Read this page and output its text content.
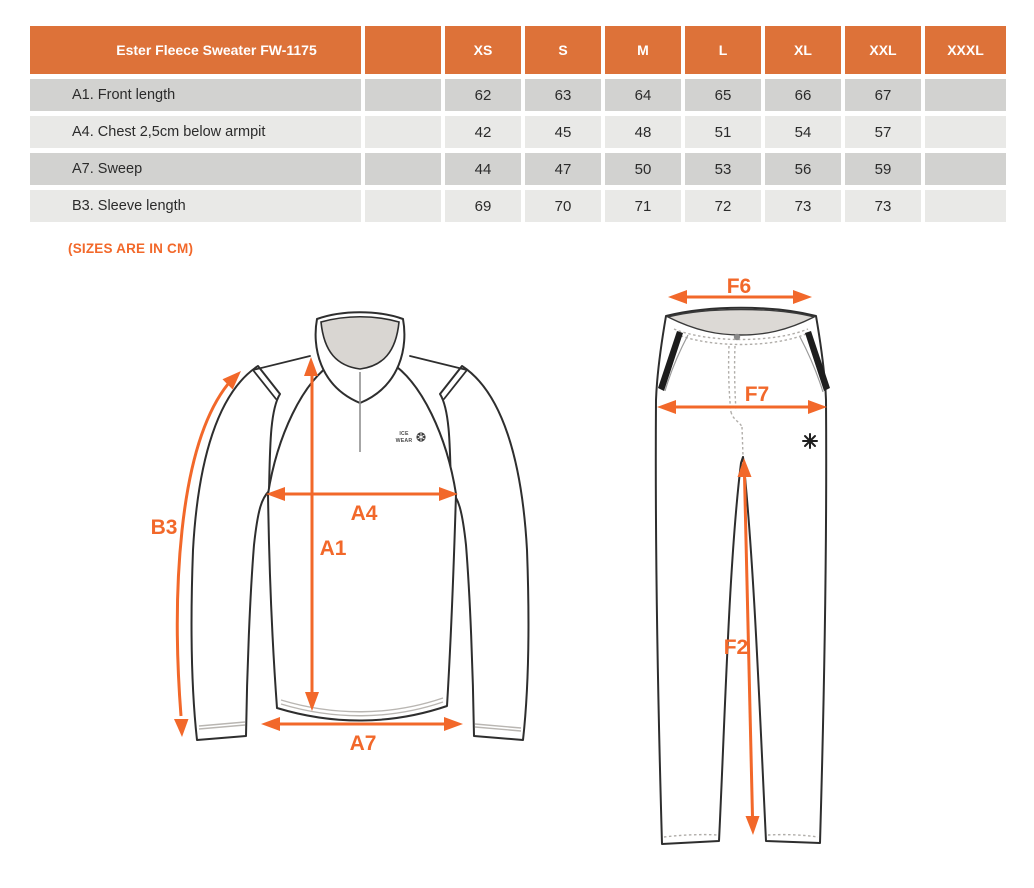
Ester Fleece Sweater FW-1175		XS	S	M	L	XL	XXL	XXXL
A1. Front length		62	63	64	65	66	67	
A4. Chest 2,5cm below armpit		42	45	48	51	54	57	
A7. Sweep		44	47	50	53	56	59	
B3. Sleeve length		69	70	71	72	73	73	
(SIZES ARE IN CM)
ICE
WEAR
B3
A4
A1
A7
F6
F7
F2
